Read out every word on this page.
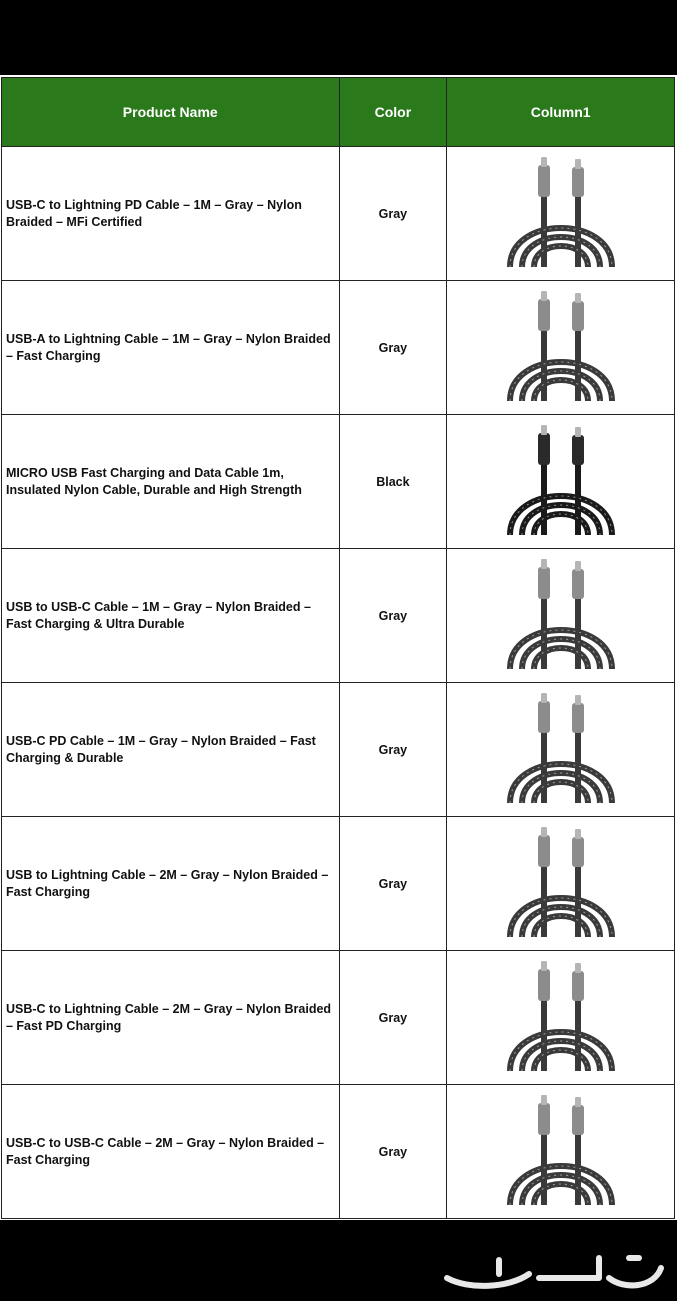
Product Name	Color	Column1
USB-C to Lightning PD Cable – 1M – Gray – Nylon Braided – MFi Certified	Gray	

USB-A to Lightning Cable – 1M – Gray – Nylon Braided – Fast Charging	Gray	

MICRO USB Fast Charging and Data Cable 1m, Insulated Nylon Cable, Durable and High Strength	Black	

USB to USB-C Cable – 1M – Gray – Nylon Braided – Fast Charging & Ultra Durable	Gray	

USB-C PD Cable – 1M – Gray – Nylon Braided – Fast Charging & Durable	Gray	

USB to Lightning Cable – 2M – Gray – Nylon Braided – Fast Charging	Gray	

USB-C to Lightning Cable – 2M – Gray – Nylon Braided – Fast PD Charging	Gray	

USB-C to USB-C Cable – 2M – Gray – Nylon Braided – Fast Charging	Gray	
حراج
